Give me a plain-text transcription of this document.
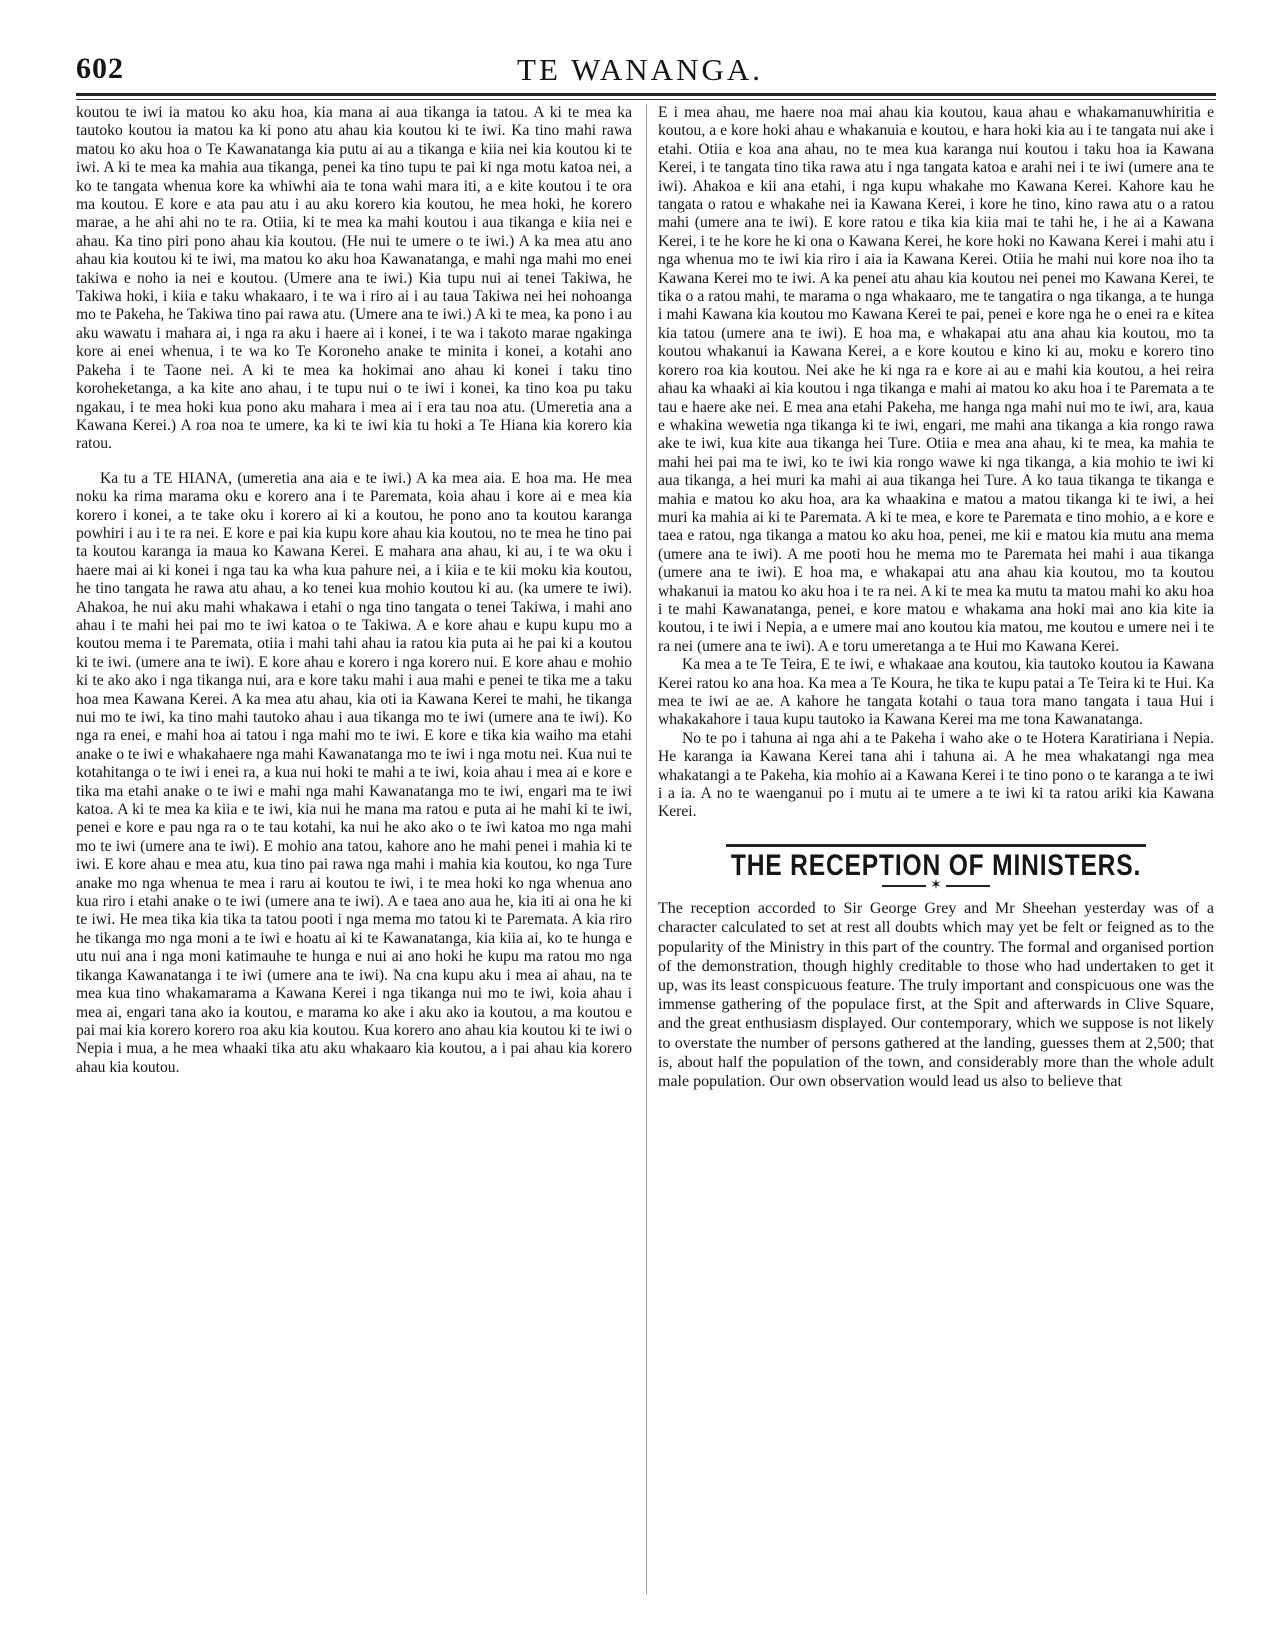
602	TE WANANGA.

koutou te iwi ia matou ko aku hoa, kia mana ai aua tikanga ia tatou. A ki te mea ka tautoko koutou ia matou ka ki pono atu ahau kia koutou ki te iwi. Ka tino mahi rawa matou ko aku hoa o Te Kawanatanga kia putu ai au a tikanga e kiia nei kia koutou ki te iwi. A ki te mea ka mahia aua tikanga, penei ka tino tupu te pai ki nga motu katoa nei, a ko te tangata whenua kore ka whiwhi aia te tona wahi mara iti, a e kite koutou i te ora ma koutou. E kore e ata pau atu i au aku korero kia koutou, he mea hoki, he korero marae, a he ahi ahi no te ra. Otiia, ki te mea ka mahi koutou i aua tikanga e kiia nei e ahau. Ka tino piri pono ahau kia koutou. (He nui te umere o te iwi.) A ka mea atu ano ahau kia koutou ki te iwi, ma matou ko aku hoa Kawanatanga, e mahi nga mahi mo enei takiwa e noho ia nei e koutou. (Umere ana te iwi.) Kia tupu nui ai tenei Takiwa, he Takiwa hoki, i kiia e taku whakaaro, i te wa i riro ai i au taua Takiwa nei hei nohoanga mo te Pakeha, he Takiwa tino pai rawa atu. (Umere ana te iwi.) A ki te mea, ka pono i au aku wawatu i mahara ai, i nga ra aku i haere ai i konei, i te wa i takoto marae ngakinga kore ai enei whenua, i te wa ko Te Koroneho anake te minita i konei, a kotahi ano Pakeha i te Taone nei. A ki te mea ka hokimai ano ahau ki konei i taku tino koroheketanga, a ka kite ano ahau, i te tupu nui o te iwi i konei, ka tino koa pu taku ngakau, i te mea hoki kua pono aku mahara i mea ai i era tau noa atu. (Umeretia ana a Kawana Kerei.) A roa noa te umere, ka ki te iwi kia tu hoki a Te Hiana kia korero kia ratou.

Ka tu a TE HIANA, (umeretia ana aia e te iwi.) A ka mea aia. E hoa ma. He mea noku ka rima marama oku e korero ana i te Paremata, koia ahau i kore ai e mea kia korero i konei, a te take oku i korero ai ki a koutou, he pono ano ta koutou karanga powhiri i au i te ra nei. E kore e pai kia kupu kore ahau kia koutou, no te mea he tino pai ta koutou karanga ia maua ko Kawana Kerei. E mahara ana ahau, ki au, i te wa oku i haere mai ai ki konei i nga tau ka wha kua pahure nei, a i kiia e te kii moku kia koutou, he tino tangata he rawa atu ahau, a ko tenei kua mohio koutou ki au. (ka umere te iwi). Ahakoa, he nui aku mahi whakawa i etahi o nga tino tangata o tenei Takiwa, i mahi ano ahau i te mahi hei pai mo te iwi katoa o te Takiwa. A e kore ahau e kupu kupu mo a koutou mema i te Paremata, otiia i mahi tahi ahau ia ratou kia puta ai he pai ki a koutou ki te iwi. (umere ana te iwi). E kore ahau e korero i nga korero nui. E kore ahau e mohio ki te ako ako i nga tikanga nui, ara e kore taku mahi i aua mahi e penei te tika me a taku hoa mea Kawana Kerei. A ka mea atu ahau, kia oti ia Kawana Kerei te mahi, he tikanga nui mo te iwi, ka tino mahi tautoko ahau i aua tikanga mo te iwi (umere ana te iwi). Ko nga ra enei, e mahi hoa ai tatou i nga mahi mo te iwi. E kore e tika kia waiho ma etahi anake o te iwi e whakahaere nga mahi Kawanatanga mo te iwi i nga motu nei. Kua nui te kotahitanga o te iwi i enei ra, a kua nui hoki te mahi a te iwi, koia ahau i mea ai e kore e tika ma etahi anake o te iwi e mahi nga mahi Kawanatanga mo te iwi, engari ma te iwi katoa. A ki te mea ka kiia e te iwi, kia nui he mana ma ratou e puta ai he mahi ki te iwi, penei e kore e pau nga ra o te tau kotahi, ka nui he ako ako o te iwi katoa mo nga mahi mo te iwi (umere ana te iwi). E mohio ana tatou, kahore ano he mahi penei i mahia ki te iwi. E kore ahau e mea atu, kua tino pai rawa nga mahi i mahia kia koutou, ko nga Ture anake mo nga whenua te mea i raru ai koutou te iwi, i te mea hoki ko nga whenua ano kua riro i etahi anake o te iwi (umere ana te iwi). A e taea ano aua he, kia iti ai ona he ki te iwi. He mea tika kia tika ta tatou pooti i nga mema mo tatou ki te Paremata. A kia riro he tikanga mo nga moni a te iwi e hoatu ai ki te Kawanatanga, kia kiia ai, ko te hunga e utu nui ana i nga moni katimauhe te hunga e nui ai ano hoki he kupu ma ratou mo nga tikanga Kawanatanga i te iwi (umere ana te iwi). Na cna kupu aku i mea ai ahau, na te mea kua tino whakamarama a Kawana Kerei i nga tikanga nui mo te iwi, koia ahau i mea ai, engari tana ako ia koutou, e marama ko ake i aku ako ia koutou, a ma koutou e pai mai kia korero korero roa aku kia koutou. Kua korero ano ahau kia koutou ki te iwi o Nepia i mua, a he mea whaaki tika atu aku whakaaro kia koutou, a i pai ahau kia korero ahau kia koutou.

E i mea ahau, me haere noa mai ahau kia koutou, kaua ahau e whakamanuwhiritia e koutou, a e kore hoki ahau e whakanuia e koutou, e hara hoki kia au i te tangata nui ake i etahi. Otiia e koa ana ahau, no te mea kua karanga nui koutou i taku hoa ia Kawana Kerei, i te tangata tino tika rawa atu i nga tangata katoa e arahi nei i te iwi (umere ana te iwi). Ahakoa e kii ana etahi, i nga kupu whakahe mo Kawana Kerei. Kahore kau he tangata o ratou e whakahe nei ia Kawana Kerei, i kore he tino, kino rawa atu o a ratou mahi (umere ana te iwi). E kore ratou e tika kia kiia mai te tahi he, i he ai a Kawana Kerei, i te he kore he ki ona o Kawana Kerei, he kore hoki no Kawana Kerei i mahi atu i nga whenua mo te iwi kia riro i aia ia Kawana Kerei. Otiia he mahi nui kore noa iho ta Kawana Kerei mo te iwi. A ka penei atu ahau kia koutou nei penei mo Kawana Kerei, te tika o a ratou mahi, te marama o nga whakaaro, me te tangatira o nga tikanga, a te hunga i mahi Kawana kia koutou mo Kawana Kerei te pai, penei e kore nga he o enei ra e kitea kia tatou (umere ana te iwi). E hoa ma, e whakapai atu ana ahau kia koutou, mo ta koutou whakanui ia Kawana Kerei, a e kore koutou e kino ki au, moku e korero tino korero roa kia koutou. Nei ake he ki nga ra e kore ai au e mahi kia koutou, a hei reira ahau ka whaaki ai kia koutou i nga tikanga e mahi ai matou ko aku hoa i te Paremata a te tau e haere ake nei. E mea ana etahi Pakeha, me hanga nga mahi nui mo te iwi, ara, kaua e whakina wewetia nga tikanga ki te iwi, engari, me mahi ana tikanga a kia rongo rawa ake te iwi, kua kite aua tikanga hei Ture. Otiia e mea ana ahau, ki te mea, ka mahia te mahi hei pai ma te iwi, ko te iwi kia rongo wawe ki nga tikanga, a kia mohio te iwi ki aua tikanga, a hei muri ka mahi ai aua tikanga hei Ture. A ko taua tikanga te tikanga e mahia e matou ko aku hoa, ara ka whaakina e matou a matou tikanga ki te iwi, a hei muri ka mahia ai ki te Paremata. A ki te mea, e kore te Paremata e tino mohio, a e kore e taea e ratou, nga tikanga a matou ko aku hoa, penei, me kii e matou kia mutu ana mema (umere ana te iwi). A me pooti hou he mema mo te Paremata hei mahi i aua tikanga (umere ana te iwi). E hoa ma, e whakapai atu ana ahau kia koutou, mo ta koutou whakanui ia matou ko aku hoa i te ra nei. A ki te mea ka mutu ta matou mahi ko aku hoa i te mahi Kawanatanga, penei, e kore matou e whakama ana hoki mai ano kia kite ia koutou, i te iwi i Nepia, a e umere mai ano koutou kia matou, me koutou e umere nei i te ra nei (umere ana te iwi). A e toru umeretanga a te Hui mo Kawana Kerei.

Ka mea a te Te Teira, E te iwi, e whakaae ana koutou, kia tautoko koutou ia Kawana Kerei ratou ko ana hoa. Ka mea a Te Koura, he tika te kupu patai a Te Teira ki te Hui. Ka mea te iwi ae ae. A kahore he tangata kotahi o taua tora mano tangata i taua Hui i whakakahore i taua kupu tautoko ia Kawana Kerei ma me tona Kawanatanga.

No te po i tahuna ai nga ahi a te Pakeha i waho ake o te Hotera Karatiriana i Nepia. He karanga ia Kawana Kerei tana ahi i tahuna ai. A he mea whakatangi nga mea whakatangi a te Pakeha, kia mohio ai a Kawana Kerei i te tino pono o te karanga a te iwi i a ia. A no te waenganui po i mutu ai te umere a te iwi ki ta ratou ariki kia Kawana Kerei.

THE RECEPTION OF MINISTERS.
✶

The reception accorded to Sir George Grey and Mr Sheehan yesterday was of a character calculated to set at rest all doubts which may yet be felt or feigned as to the popularity of the Ministry in this part of the country. The formal and organised portion of the demonstration, though highly creditable to those who had undertaken to get it up, was its least conspicuous feature. The truly important and conspicuous one was the immense gathering of the populace first, at the Spit and afterwards in Clive Square, and the great enthusiasm displayed. Our contemporary, which we suppose is not likely to overstate the number of persons gathered at the landing, guesses them at 2,500; that is, about half the population of the town, and considerably more than the whole adult male population. Our own observation would lead us also to believe that
